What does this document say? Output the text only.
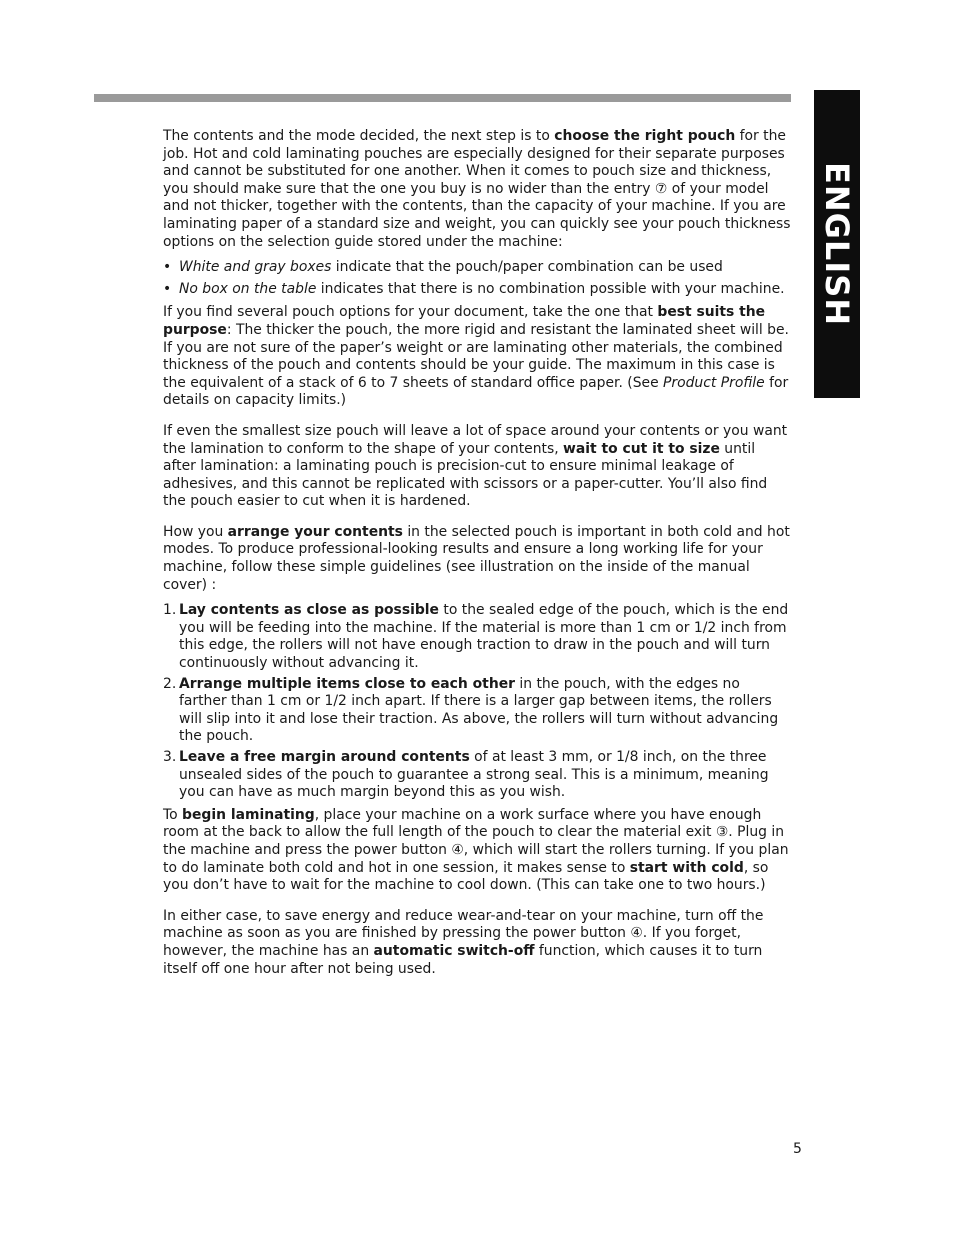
ENGLISH

The contents and the mode decided, the next step is to choose the right pouch for the job. Hot and cold laminating pouches are especially designed for their separate purposes and cannot be substituted for one another. When it comes to pouch size and thickness, you should make sure that the one you buy is no wider than the entry ⑦ of your model and not thicker, together with the contents, than the capacity of your machine. If you are laminating paper of a standard size and weight, you can quickly see your pouch thickness options on the selection guide stored under the machine:

• White and gray boxes indicate that the pouch/paper combination can be used
• No box on the table indicates that there is no combination possible with your machine.

If you find several pouch options for your document, take the one that best suits the purpose: The thicker the pouch, the more rigid and resistant the laminated sheet will be. If you are not sure of the paper’s weight or are laminating other materials, the combined thickness of the pouch and contents should be your guide. The maximum in this case is the equivalent of a stack of 6 to 7 sheets of standard office paper. (See Product Profile for details on capacity limits.)

If even the smallest size pouch will leave a lot of space around your contents or you want the lamination to conform to the shape of your contents, wait to cut it to size until after lamination: a laminating pouch is precision-cut to ensure minimal leakage of adhesives, and this cannot be replicated with scissors or a paper-cutter. You’ll also find the pouch easier to cut when it is hardened.

How you arrange your contents in the selected pouch is important in both cold and hot modes. To produce professional-looking results and ensure a long working life for your machine, follow these simple guidelines (see illustration on the inside of the manual cover) :

1. Lay contents as close as possible to the sealed edge of the pouch, which is the end you will be feeding into the machine. If the material is more than 1 cm or 1/2 inch from this edge, the rollers will not have enough traction to draw in the pouch and will turn continuously without advancing it.
2. Arrange multiple items close to each other in the pouch, with the edges no farther than 1 cm or 1/2 inch apart. If there is a larger gap between items, the rollers will slip into it and lose their traction. As above, the rollers will turn without advancing the pouch.
3. Leave a free margin around contents of at least 3 mm, or 1/8 inch, on the three unsealed sides of the pouch to guarantee a strong seal. This is a minimum, meaning you can have as much margin beyond this as you wish.

To begin laminating, place your machine on a work surface where you have enough room at the back to allow the full length of the pouch to clear the material exit ③. Plug in the machine and press the power button ④, which will start the rollers turning. If you plan to do laminate both cold and hot in one session, it makes sense to start with cold, so you don’t have to wait for the machine to cool down. (This can take one to two hours.)

In either case, to save energy and reduce wear-and-tear on your machine, turn off the machine as soon as you are finished by pressing the power button ④. If you forget, however, the machine has an automatic switch-off function, which causes it to turn itself off one hour after not being used.

5
